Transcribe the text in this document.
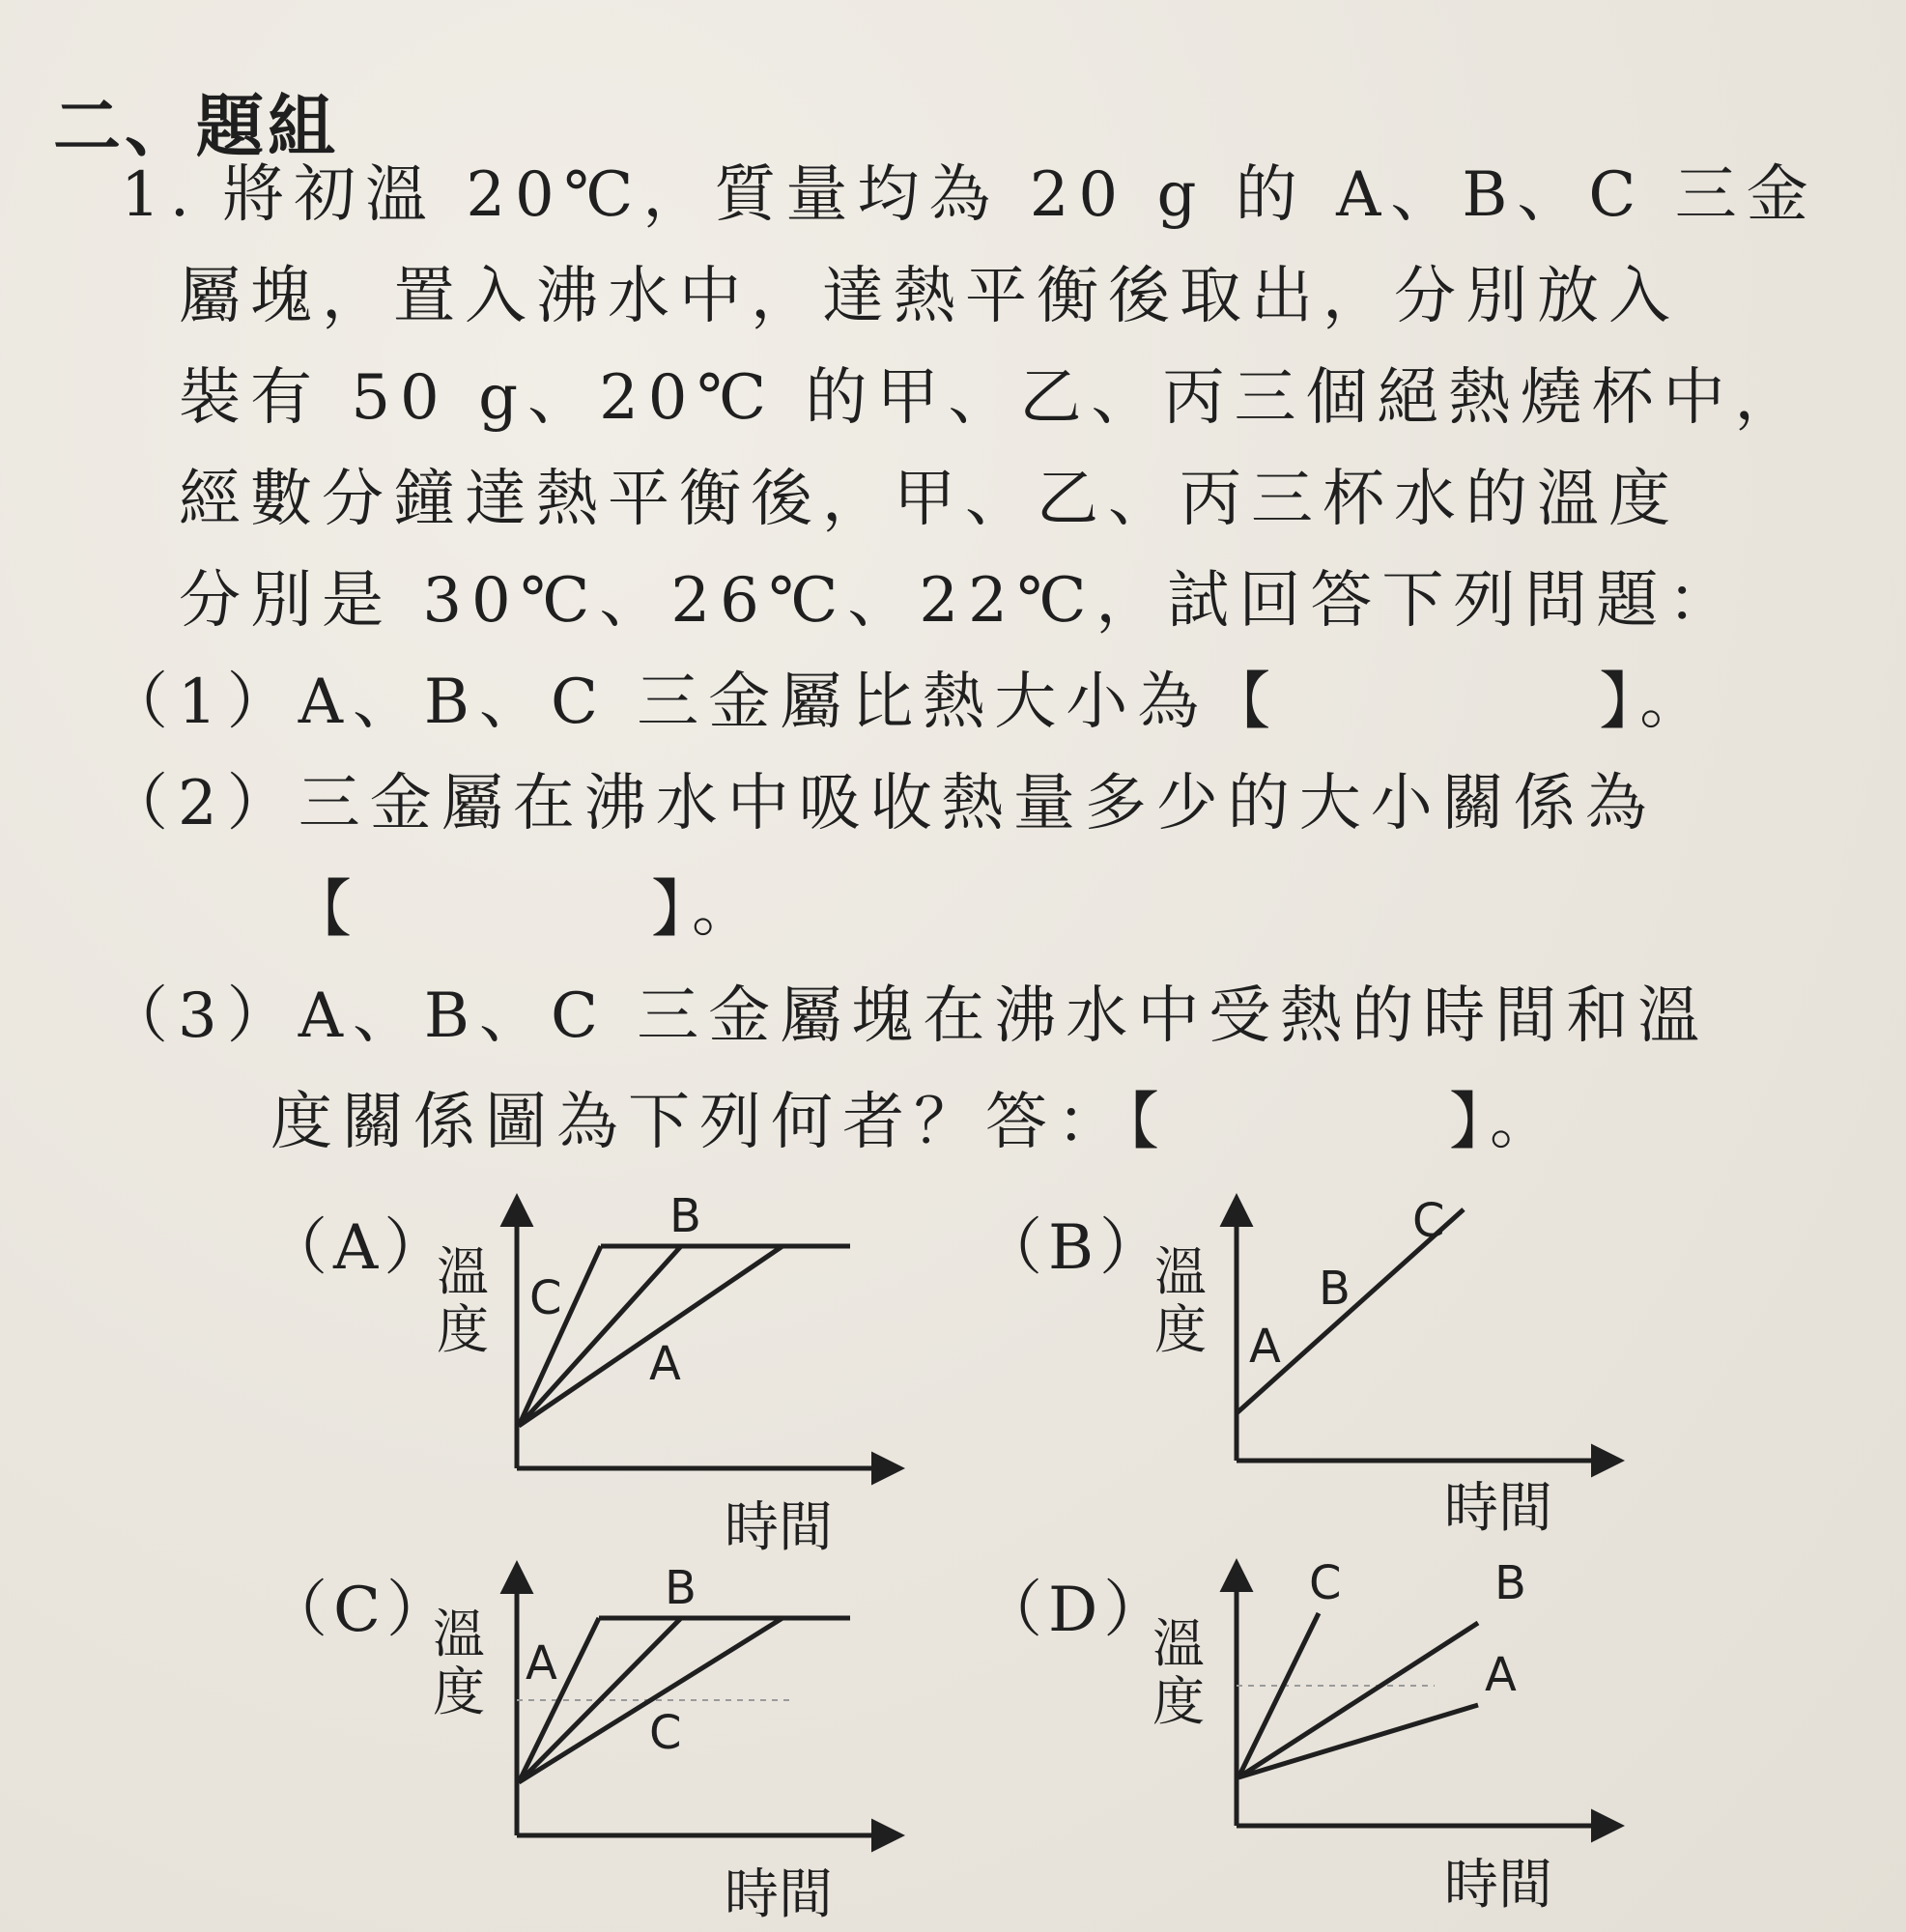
二、題組
1. 將初溫 20℃，質量均為 20 g 的 A、B、C 三金
屬塊，置入沸水中，達熱平衡後取出，分別放入
裝有 50 g、20℃ 的甲、乙、丙三個絕熱燒杯中，
經數分鐘達熱平衡後，甲、乙、丙三杯水的溫度
分別是 30℃、26℃、22℃，試回答下列問題：
（1）A、B、C 三金屬比熱大小為【	】。
（2）三金屬在沸水中吸收熱量多少的大小關係為
【	】。
（3）A、B、C 三金屬塊在沸水中受熱的時間和溫
度關係圖為下列何者？答：【	】。
（A）	（B）
（C）	（D）
B
C
A
溫
度
時間
C
B
A
溫
度
時間
B
A
C
溫
度
時間
C	B
A
溫
度
時間
